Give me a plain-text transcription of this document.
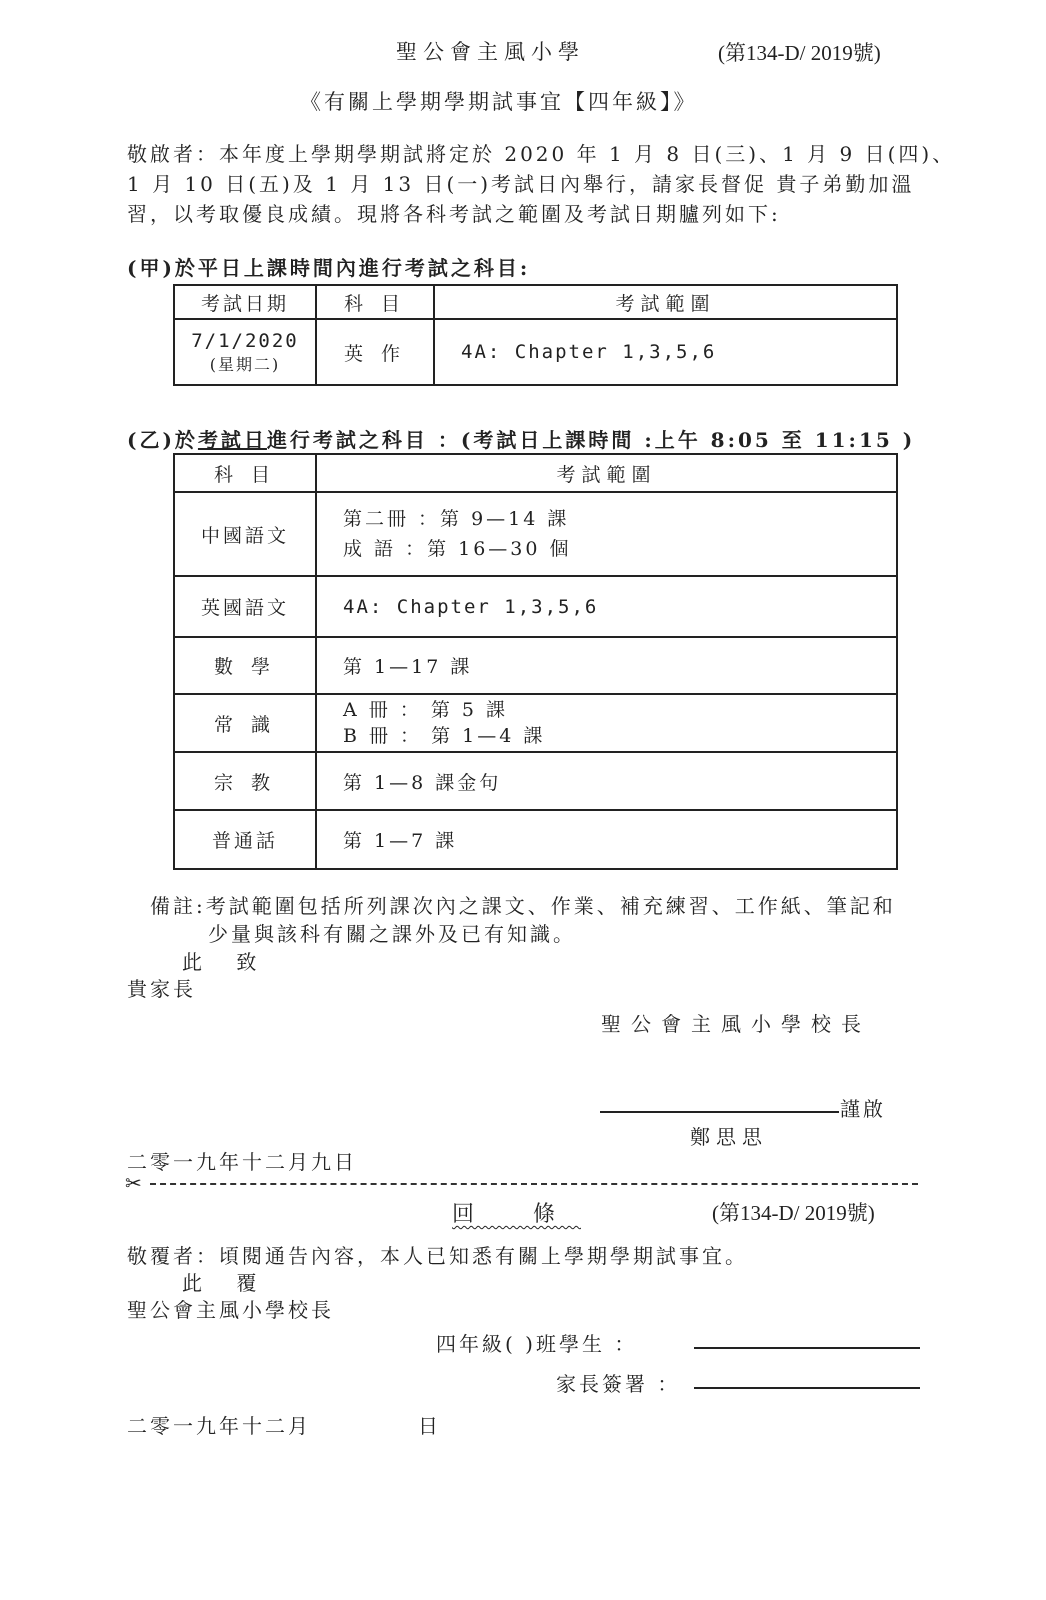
聖公會主風小學	(第134-D/ 2019號)
《有關上學期學期試事宜【四年級】》
敬啟者：本年度上學期學期試將定於 2020 年 1 月 8 日(三)、1 月 9 日(四)、
1 月 10 日(五)及 1 月 13 日(一)考試日內舉行，請家長督促 貴子弟勤加溫
習，以考取優良成績。現將各科考試之範圍及考試日期臚列如下:
(甲)於平日上課時間內進行考試之科目:
考試日期	科 目	考試範圍

7/1/2020
(星期二)	英 作	4A: Chapter 1,3,5,6
(乙)於考試日進行考試之科目 ：(考試日上課時間 :上午 8:05 至 11:15 )
科 目	考試範圍
中國語文	第二冊 ：第 9—14 課
成 語 ：第 16—30 個

英國語文	4A: Chapter 1,3,5,6
數 學	第 1—17 課
常 識	A 冊 ： 第 5 課
B 冊 ： 第 1—4 課

宗 教	第 1—8 課金句
普通話	第 1—7 課
備註:考試範圍包括所列課次內之課文、作業、補充練習、工作紙、筆記和
少量與該科有關之課外及已有知識。
此 致
貴家長
聖公會主風小學校長
謹啟
鄭思思
二零一九年十二月九日
✂
回 條	(第134-D/ 2019號)
敬覆者：頃閱通告內容，本人已知悉有關上學期學期試事宜。
此 覆
聖公會主風小學校長
四年級( )班學生 ：
家長簽署 ：
二零一九年十二月	日
